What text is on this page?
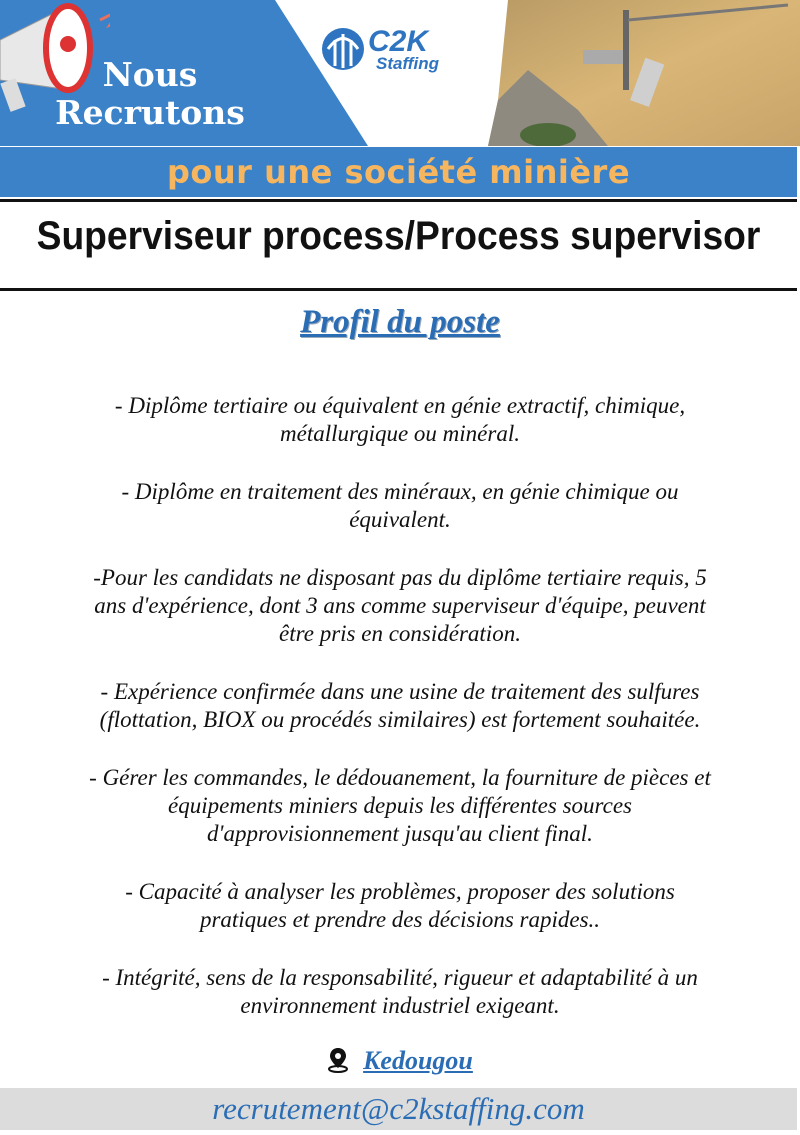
Nous
Recrutons
C2K
Staffing
pour une société minière
Superviseur process/Process supervisor
Profil du poste
- Diplôme tertiaire ou équivalent en génie extractif, chimique,
métallurgique ou minéral.
- Diplôme en traitement des minéraux, en génie chimique ou
équivalent.
-Pour les candidats ne disposant pas du diplôme tertiaire requis, 5
ans d'expérience, dont 3 ans comme superviseur d'équipe, peuvent
être pris en considération.
- Expérience confirmée dans une usine de traitement des sulfures
(flottation, BIOX ou procédés similaires) est fortement souhaitée.
- Gérer les commandes, le dédouanement, la fourniture de pièces et
équipements miniers depuis les différentes sources
d'approvisionnement jusqu'au client final.
- Capacité à analyser les problèmes, proposer des solutions
pratiques et prendre des décisions rapides..
- Intégrité, sens de la responsabilité, rigueur et adaptabilité à un
environnement industriel exigeant.
Kedougou
recrutement@c2kstaffing.com
